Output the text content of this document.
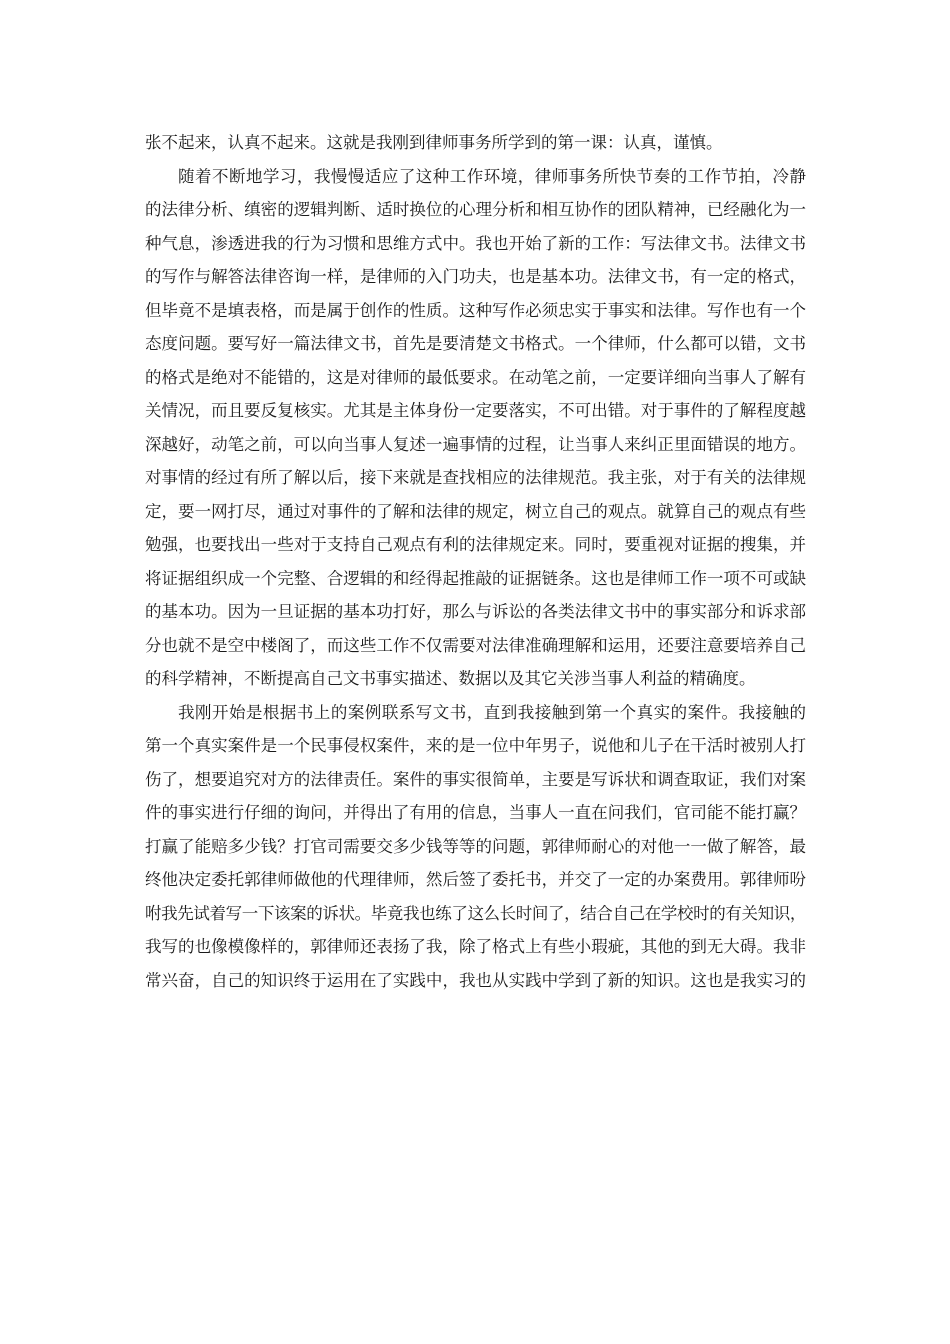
张不起来，认真不起来。这就是我刚到律师事务所学到的第一课：认真，谨慎。
随着不断地学习，我慢慢适应了这种工作环境，律师事务所快节奏的工作节拍，冷静
的法律分析、缜密的逻辑判断、适时换位的心理分析和相互协作的团队精神，已经融化为一
种气息，渗透进我的行为习惯和思维方式中。我也开始了新的工作：写法律文书。法律文书
的写作与解答法律咨询一样，是律师的入门功夫，也是基本功。法律文书，有一定的格式，
但毕竟不是填表格，而是属于创作的性质。这种写作必须忠实于事实和法律。写作也有一个
态度问题。要写好一篇法律文书，首先是要清楚文书格式。一个律师，什么都可以错，文书
的格式是绝对不能错的，这是对律师的最低要求。在动笔之前，一定要详细向当事人了解有
关情况，而且要反复核实。尤其是主体身份一定要落实，不可出错。对于事件的了解程度越
深越好，动笔之前，可以向当事人复述一遍事情的过程，让当事人来纠正里面错误的地方。
对事情的经过有所了解以后，接下来就是查找相应的法律规范。我主张，对于有关的法律规
定，要一网打尽，通过对事件的了解和法律的规定，树立自己的观点。就算自己的观点有些
勉强，也要找出一些对于支持自己观点有利的法律规定来。同时，要重视对证据的搜集，并
将证据组织成一个完整、合逻辑的和经得起推敲的证据链条。这也是律师工作一项不可或缺
的基本功。因为一旦证据的基本功打好，那么与诉讼的各类法律文书中的事实部分和诉求部
分也就不是空中楼阁了，而这些工作不仅需要对法律准确理解和运用，还要注意要培养自己
的科学精神，不断提高自己文书事实描述、数据以及其它关涉当事人利益的精确度。
我刚开始是根据书上的案例联系写文书，直到我接触到第一个真实的案件。我接触的
第一个真实案件是一个民事侵权案件，来的是一位中年男子，说他和儿子在干活时被别人打
伤了，想要追究对方的法律责任。案件的事实很简单，主要是写诉状和调查取证，我们对案
件的事实进行仔细的询问，并得出了有用的信息，当事人一直在问我们，官司能不能打赢？
打赢了能赔多少钱？打官司需要交多少钱等等的问题，郭律师耐心的对他一一做了解答，最
终他决定委托郭律师做他的代理律师，然后签了委托书，并交了一定的办案费用。郭律师吩
咐我先试着写一下该案的诉状。毕竟我也练了这么长时间了，结合自己在学校时的有关知识，
我写的也像模像样的，郭律师还表扬了我，除了格式上有些小瑕疵，其他的到无大碍。我非
常兴奋，自己的知识终于运用在了实践中，我也从实践中学到了新的知识。这也是我实习的
